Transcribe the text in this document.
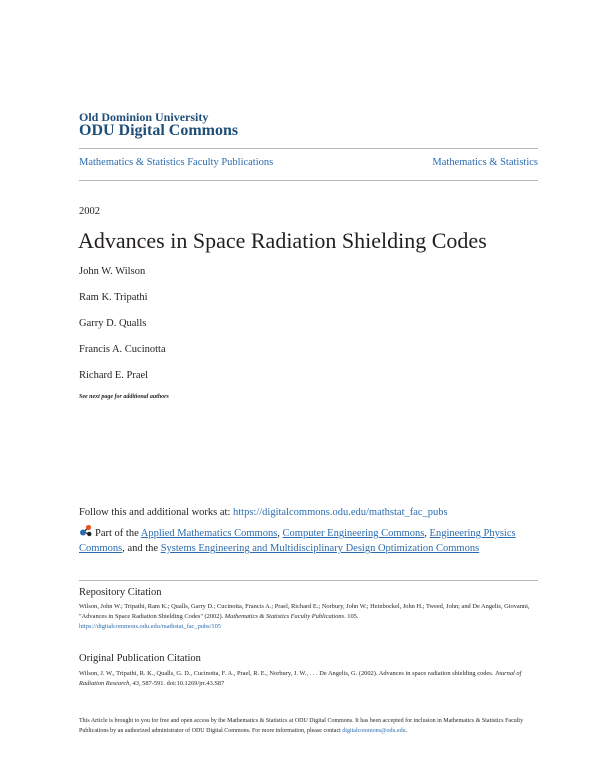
Old Dominion University
ODU Digital Commons
Mathematics & Statistics Faculty Publications	Mathematics & Statistics
2002
Advances in Space Radiation Shielding Codes
John W. Wilson
Ram K. Tripathi
Garry D. Qualls
Francis A. Cucinotta
Richard E. Prael
See next page for additional authors
Follow this and additional works at: https://digitalcommons.odu.edu/mathstat_fac_pubs
Part of the Applied Mathematics Commons, Computer Engineering Commons, Engineering Physics Commons, and the Systems Engineering and Multidisciplinary Design Optimization Commons
Repository Citation
Wilson, John W.; Tripathi, Ram K.; Qualls, Garry D.; Cucinotta, Francis A.; Prael, Richard E.; Norbury, John W.; Heinbockel, John H.; Tweed, John; and De Angelis, Giovanni, "Advances in Space Radiation Shielding Codes" (2002). Mathematics & Statistics Faculty Publications. 105.
https://digitalcommons.odu.edu/mathstat_fac_pubs/105
Original Publication Citation
Wilson, J. W., Tripathi, R. K., Qualls, G. D., Cucinotta, F. A., Prael, R. E., Norbury, J. W., . . . De Angelis, G. (2002). Advances in space radiation shielding codes. Journal of Radiation Research, 43, 587-591. doi:10.1269/jrr.43.S87
This Article is brought to you for free and open access by the Mathematics & Statistics at ODU Digital Commons. It has been accepted for inclusion in Mathematics & Statistics Faculty Publications by an authorized administrator of ODU Digital Commons. For more information, please contact digitalcommons@odu.edu.
